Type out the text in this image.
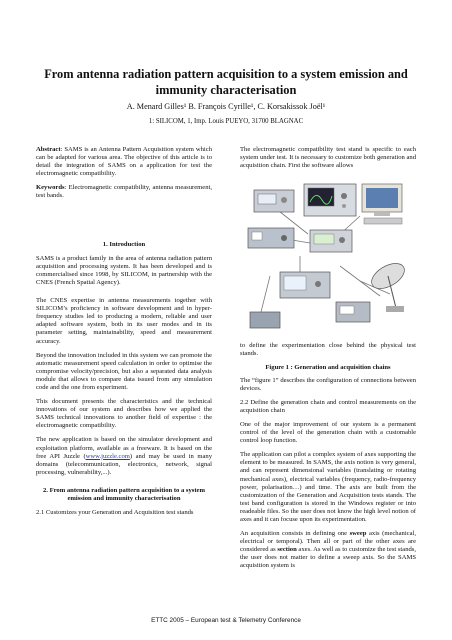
From antenna radiation pattern acquisition to a system emission and immunity characterisation
A. Menard Gilles¹ B. François Cyrille¹, C. Korsakissok Joël¹
1: SILICOM, 1, Imp. Louis PUEYO, 31700 BLAGNAC

Abstract: SAMS is an Antenna Pattern Acquisition system which can be adapted for various area. The objective of this article is to detail the integration of SAMS on a application for test the electromagnetic compatibility.

Keywords: Electromagnetic compatibility, antenna measurement, test bands.

1. Introduction

SAMS is a product family in the area of antenna radiation pattern acquisition and processing system. It has been developed and is commercialised since 1998, by SILICOM, in partnership with the CNES (French Spatial Agency).

The CNES expertise in antenna measurements together with SILICOM’s proficiency in software development and in hyper-frequency studies led to producing a modern, reliable and user adapted software system, both in its user modes and in its parameter setting, maintainability, speed and measurement accuracy.

Beyond the innovation included in this system we can promote the automatic measurement speed calculation in order to optimise the compromise velocity/precision, but also a separated data analysis module that allows to compare data issued from any simulation code and the one from experiment.

This document presents the characteristics and the technical innovations of our system and describes how we applied the SAMS technical innovations to another field of expertise : the electromagnetic compatibility.

The new application is based on the simulator development and exploitation platform, available as a freeware. It is based on the free API Juzzle (www.juzzle.com) and may be used in many domains (telecommunication, electronics, network, signal processing, vulnerability,...).

2. From antenna radiation pattern acquisition to a system emission and immunity characterisation

2.1 Customizes your Generation and Acquisition test stands

The electromagnetic compatibility test stand is specific to each system under test. It is necessary to customize both generation and acquisition chain. First the software allows

to define the experimentation close behind the physical test stands.

Figure 1 : Generation and acquisition chains

The “figure 1” describes the configuration of connections between devices.

2.2 Define the generation chain and control measurements on the acquisition chain

One of the major improvement of our system is a permanent control of the level of the generation chain with a customable control loop function.

The application can pilot a complex system of axes supporting the element to be measured. In SAMS, the axis notion is very general, and can represent dimensional variables (translating or rotating mechanical axes), electrical variables (frequency, radio-frequency power, polarisation…) and time. The axis are built from the customization of the Generation and Acquisition tests stands. The test band configuration is stored in the Windows register or into readeable files. So the user does not know the high level notion of axes and it can focuse upon its experimentation.

An acquisition consists in defining one sweep axis (mechanical, electrical or temporal). Then all or part of the other axes are considered as section axes. As well as to customize the test stands, the user does not matter to define a sweep axis. So the SAMS acquisition system is

ETTC 2005 – European test & Telemetry Conference
